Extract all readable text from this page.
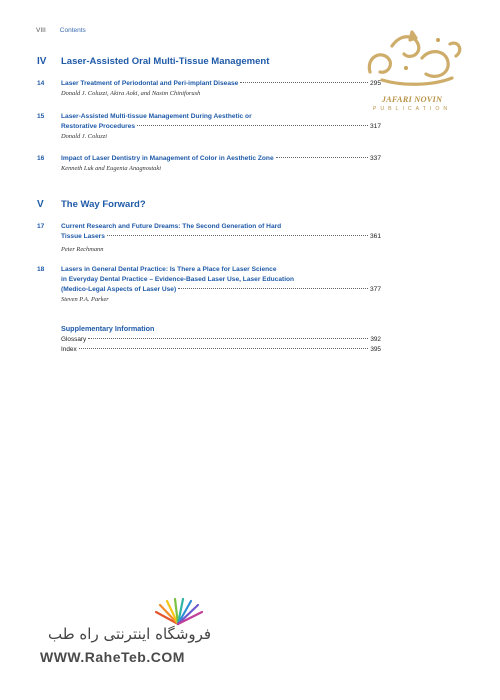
VIII Contents
IV	Laser-Assisted Oral Multi-Tissue Management
14	Laser Treatment of Periodontal and Peri-implant Disease	295
Donald J. Coluzzi, Akira Aoki, and Nasim Chiniforush
15	Laser-Assisted Multi-tissue Management During Aesthetic or
Restorative Procedures	317
Donald J. Coluzzi
16	Impact of Laser Dentistry in Management of Color in Aesthetic Zone	337
Kenneth Luk and Eugenia Anagnostaki
V	The Way Forward?
17	Current Research and Future Dreams: The Second Generation of Hard
Tissue Lasers	361
Peter Rechmann
18	Lasers in General Dental Practice: Is There a Place for Laser Science
in Everyday Dental Practice – Evidence-Based Laser Use, Laser Education
(Medico-Legal Aspects of Laser Use)	377
Steven P.A. Parker
Supplementary Information
Glossary	392
Index	395
JAFARI NOVIN
PUBLICATION
فروشگاه اینترنتی راه طب
WWW.RaheTeb.COM
